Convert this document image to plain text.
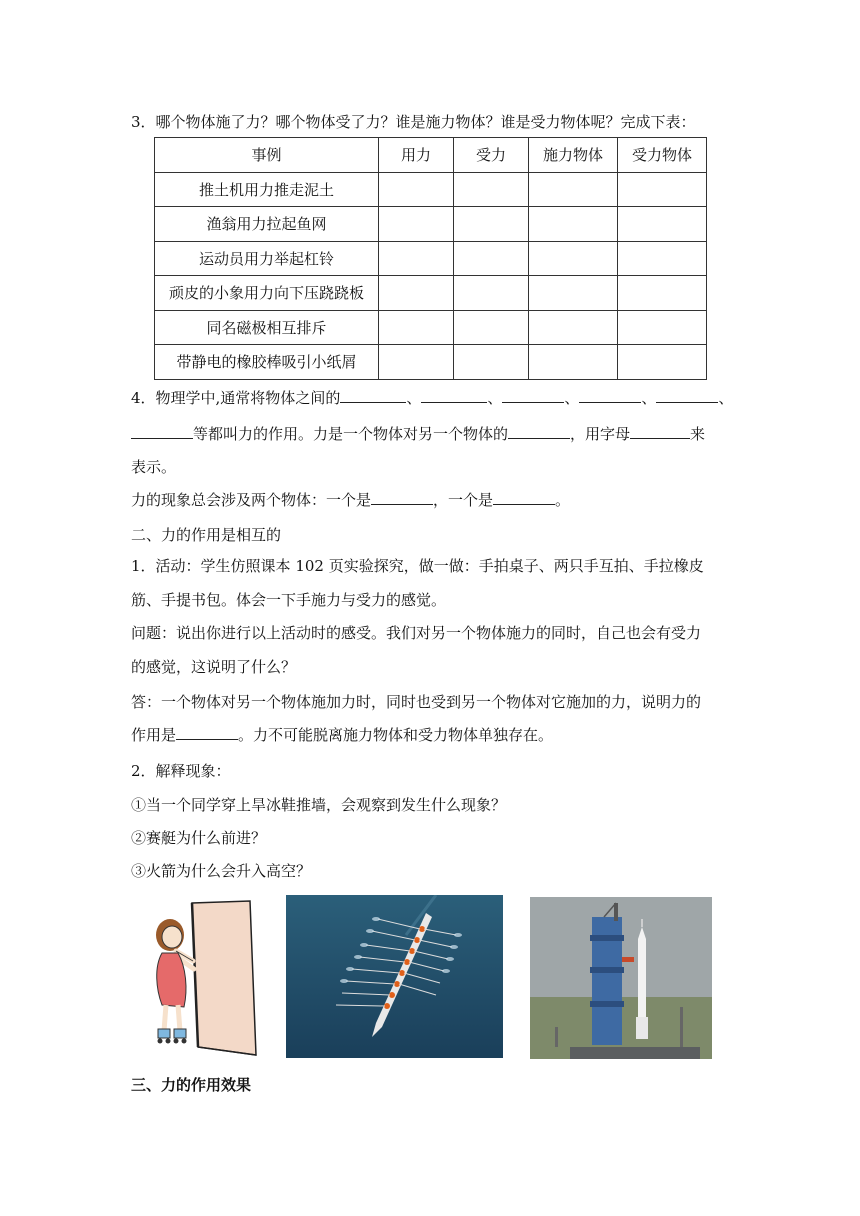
3．哪个物体施了力？哪个物体受了力？谁是施力物体？谁是受力物体呢？完成下表：
事例	用力	受力	施力物体	受力物体
推土机用力推走泥土				
渔翁用力拉起鱼网				
运动员用力举起杠铃				
顽皮的小象用力向下压跷跷板				
同名磁极相互排斥				
带静电的橡胶棒吸引小纸屑				
4．物理学中,通常将物体之间的	、	、	、	、	、
等都叫力的作用。力是一个物体对另一个物体的	，用字母	来
表示。
力的现象总会涉及两个物体：一个是	，一个是	。
二、力的作用是相互的
1．活动：学生仿照课本 102 页实验探究，做一做：手拍桌子、两只手互拍、手拉橡皮
筋、手提书包。体会一下手施力与受力的感觉。
问题：说出你进行以上活动时的感受。我们对另一个物体施力的同时，自己也会有受力
的感觉，这说明了什么？
答：一个物体对另一个物体施加力时，同时也受到另一个物体对它施加的力，说明力的
作用是	。力不可能脱离施力物体和受力物体单独存在。
2．解释现象：
①当一个同学穿上旱冰鞋推墙，会观察到发生什么现象？
②赛艇为什么前进？
③火箭为什么会升入高空？
三、力的作用效果
